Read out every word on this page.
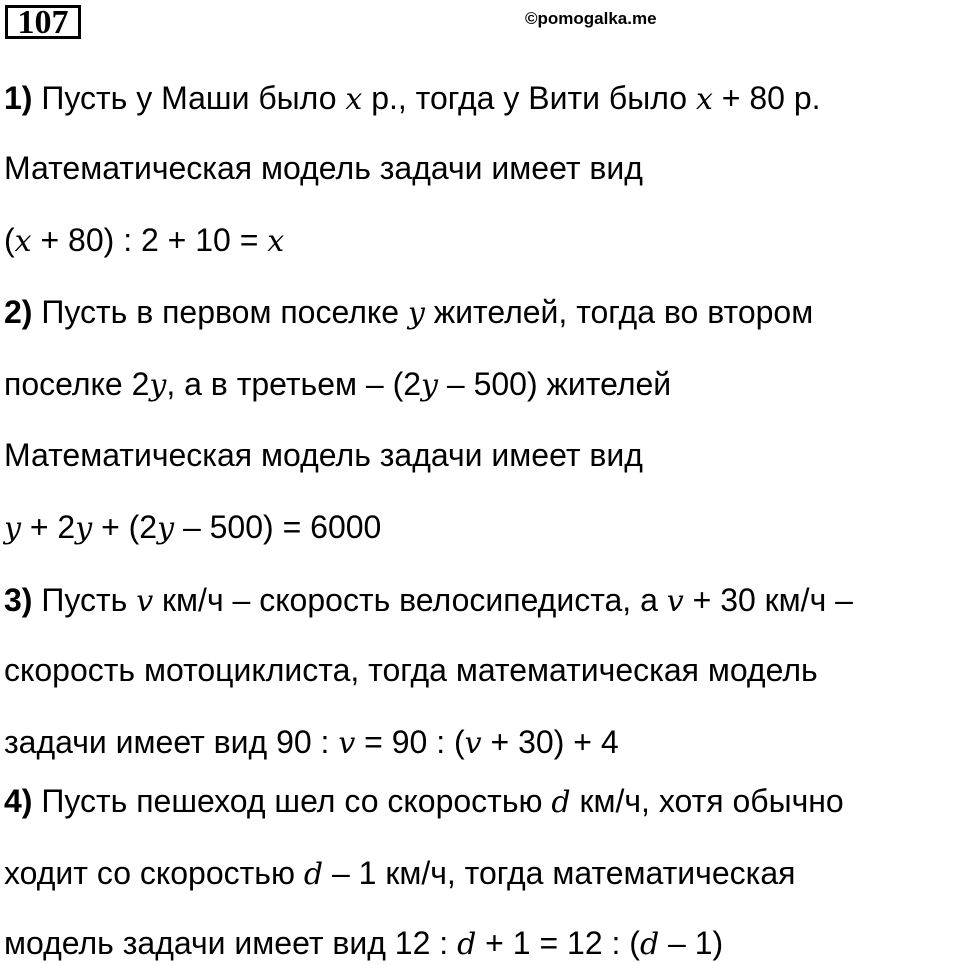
107	©pomogalka.me
1) Пусть у Маши было x р., тогда у Вити было x + 80 р.
Математическая модель задачи имеет вид
(x + 80) : 2 + 10 = x
2) Пусть в первом поселке y жителей, тогда во втором
поселке 2y, а в третьем – (2y – 500) жителей
Математическая модель задачи имеет вид
y + 2y + (2y – 500) = 6000
3) Пусть v км/ч – скорость велосипедиста, а v + 30 км/ч –
скорость мотоциклиста, тогда математическая модель
задачи имеет вид 90 : v = 90 : (v + 30) + 4
4) Пусть пешеход шел со скоростью d км/ч, хотя обычно
ходит со скоростью d – 1 км/ч, тогда математическая
модель задачи имеет вид 12 : d + 1 = 12 : (d – 1)
